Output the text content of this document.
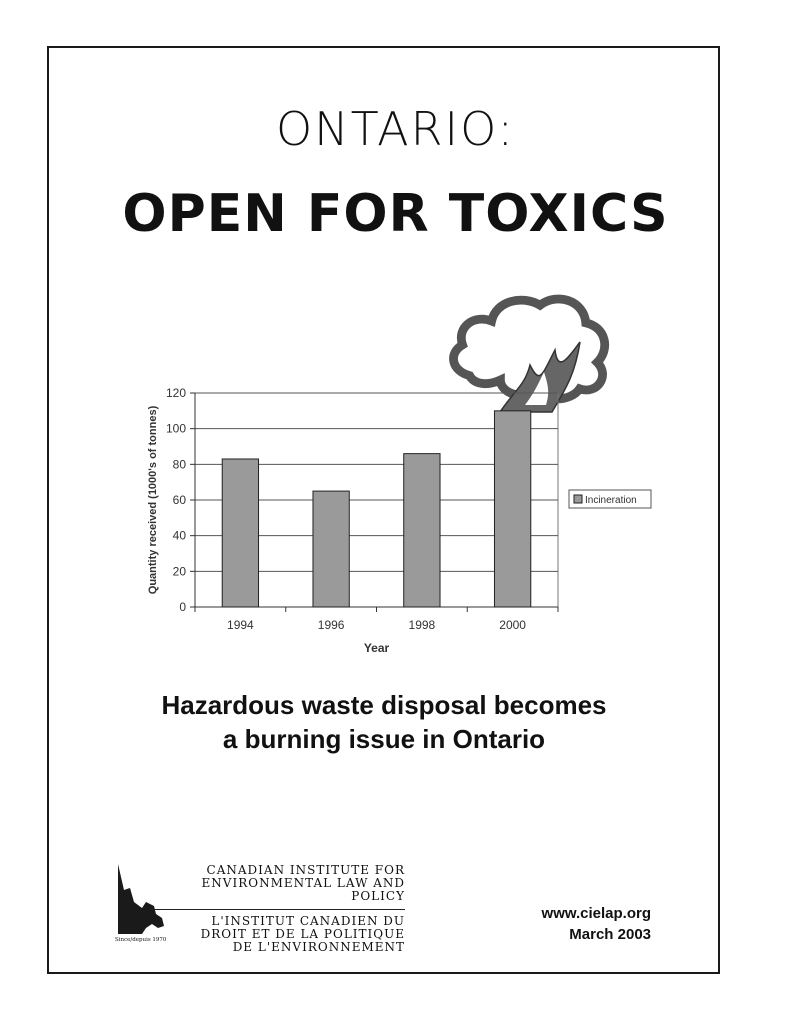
ONTARIO:
OPEN FOR TOXICS
0
20
40
60
80
100
120
1994	1996	1998	2000
Year
Quantity received (1000's of tonnes)	Incineration
Hazardous waste disposal becomes
a burning issue in Ontario
Since/depuis 1970
CANADIAN INSTITUTE FOR
ENVIRONMENTAL LAW AND POLICY
L'INSTITUT CANADIEN DU
DROIT ET DE LA POLITIQUE
DE L'ENVIRONNEMENT
www.cielap.org
March 2003
